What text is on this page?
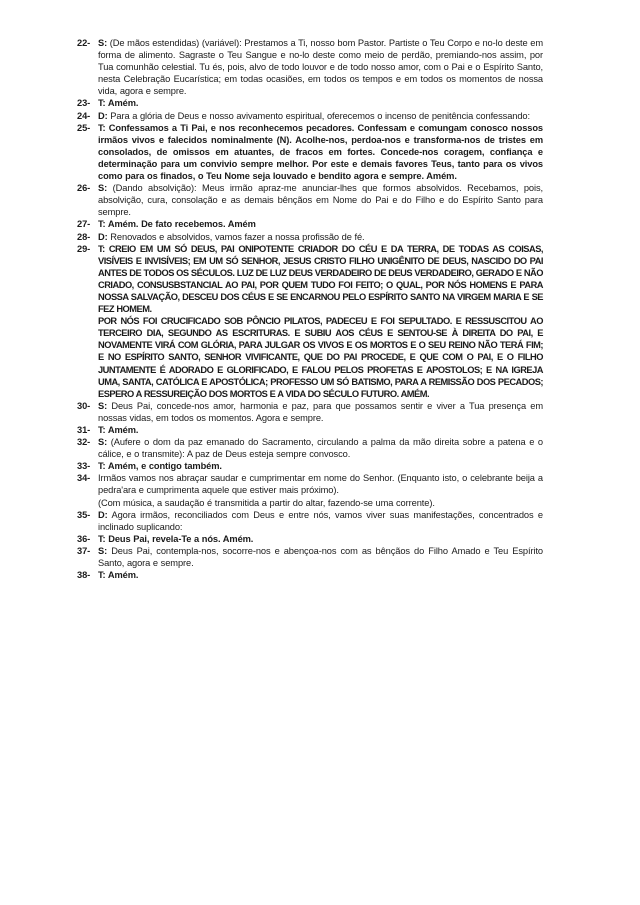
22- S: (De mãos estendidas) (variável): Prestamos a Ti, nosso bom Pastor. Partiste o Teu Corpo e no-lo deste em forma de alimento. Sagraste o Teu Sangue e no-lo deste como meio de perdão, premiando-nos assim, por Tua comunhão celestial. Tu és, pois, alvo de todo louvor e de todo nosso amor, com o Pai e o Espírito Santo, nesta Celebração Eucarística; em todas ocasiões, em todos os tempos e em todos os momentos de nossa vida, agora e sempre.

23- T: Amém.

24- D: Para a glória de Deus e nosso avivamento espiritual, oferecemos o incenso de penitência confessando:

25- T: Confessamos a Ti Pai, e nos reconhecemos pecadores. Confessam e comungam conosco nossos irmãos vivos e falecidos nominalmente (N). Acolhe-nos, perdoa-nos e transforma-nos de tristes em consolados, de omissos em atuantes, de fracos em fortes. Concede-nos coragem, confiança e determinação para um convivio sempre melhor. Por este e demais favores Teus, tanto para os vivos como para os finados, o Teu Nome seja louvado e bendito agora e sempre. Amém.

26- S: (Dando absolvição): Meus irmão apraz-me anunciar-lhes que formos absolvidos. Recebamos, pois, absolvição, cura, consolação e as demais bênçãos em Nome do Pai e do Filho e do Espírito Santo para sempre.

27- T: Amém. De fato recebemos. Amém

28- D: Renovados e absolvidos, vamos fazer a nossa profissão de fé.

29- T: CREIO EM UM SÓ DEUS, PAI ONIPOTENTE CRIADOR DO CÉU E DA TERRA, DE TODAS AS COISAS, VISÍVEIS E INVISÍVEIS; EM UM SÓ SENHOR, JESUS CRISTO FILHO UNIGÊNITO DE DEUS, NASCIDO DO PAI ANTES DE TODOS OS SÉCULOS. LUZ DE LUZ DEUS VERDADEIRO DE DEUS VERDADEIRO, GERADO E NÃO CRIADO, CONSUSBSTANCIAL AO PAI, POR QUEM TUDO FOI FEITO; O QUAL, POR NÓS HOMENS E PARA NOSSA SALVAÇÃO, DESCEU DOS CÉUS E SE ENCARNOU PELO ESPÍRITO SANTO NA VIRGEM MARIA E SE FEZ HOMEM.

POR NÓS FOI CRUCIFICADO SOB PÔNCIO PILATOS, PADECEU E FOI SEPULTADO. E RESSUSCITOU AO TERCEIRO DIA, SEGUNDO AS ESCRITURAS. E SUBIU AOS CÉUS E SENTOU-SE À DIREITA DO PAI, E NOVAMENTE VIRÁ COM GLÓRIA, PARA JULGAR OS VIVOS E OS MORTOS E O SEU REINO NÃO TERÁ FIM; E NO ESPÍRITO SANTO, SENHOR VIVIFICANTE, QUE DO PAI PROCEDE, E QUE COM O PAI, E O FILHO JUNTAMENTE É ADORADO E GLORIFICADO, E FALOU PELOS PROFETAS E APOSTOLOS; E NA IGREJA UMA, SANTA, CATÓLICA E APOSTÓLICA; PROFESSO UM SÓ BATISMO, PARA A REMISSÃO DOS PECADOS; ESPERO A RESSUREIÇÃO DOS MORTOS E A VIDA DO SÉCULO FUTURO. AMÉM.

30- S: Deus Pai, concede-nos amor, harmonia e paz, para que possamos sentir e viver a Tua presença em nossas vidas, em todos os momentos. Agora e sempre.

31- T: Amém.

32- S: (Aufere o dom da paz emanado do Sacramento, circulando a palma da mão direita sobre a patena e o cálice, e o transmite): A paz de Deus esteja sempre convosco.

33- T: Amém, e contigo também.

34- Irmãos vamos nos abraçar saudar e cumprimentar em nome do Senhor. (Enquanto isto, o celebrante beija a pedra'ara e cumprimenta aquele que estiver mais próximo).

(Com música, a saudação é transmitida a partir do altar, fazendo-se uma corrente).

35- D: Agora irmãos, reconciliados com Deus e entre nós, vamos viver suas manifestações, concentrados e inclinado suplicando:

36- T: Deus Pai, revela-Te a nós. Amém.

37- S: Deus Pai, contempla-nos, socorre-nos e abençoa-nos com as bênçãos do Filho Amado e Teu Espírito Santo, agora e sempre.

38- T: Amém.
